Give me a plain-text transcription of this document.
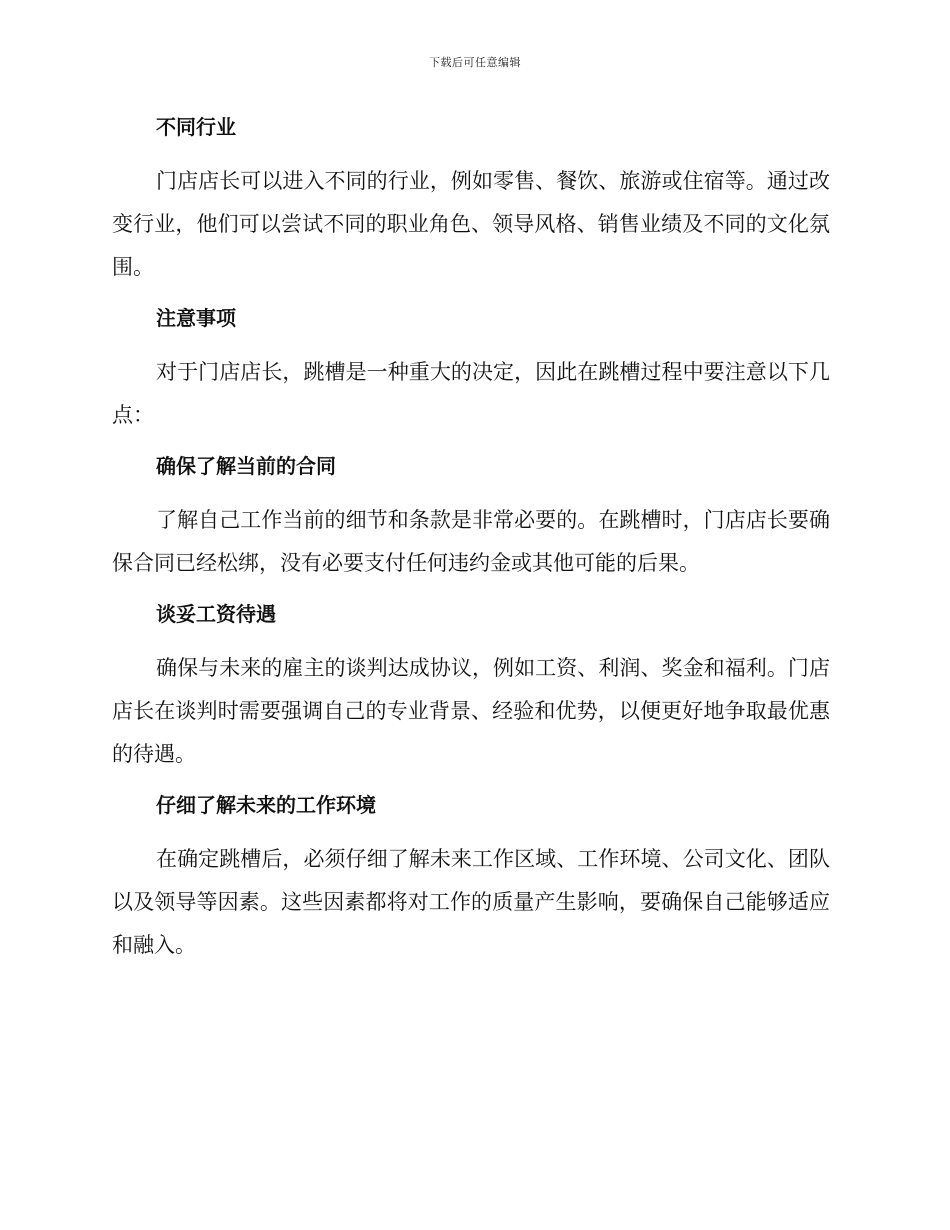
下载后可任意编辑
不同行业

门店店长可以进入不同的行业，例如零售、餐饮、旅游或住宿等。通过改变行业，他们可以尝试不同的职业角色、领导风格、销售业绩及不同的文化氛围。

注意事项

对于门店店长，跳槽是一种重大的决定，因此在跳槽过程中要注意以下几点：

确保了解当前的合同

了解自己工作当前的细节和条款是非常必要的。在跳槽时，门店店长要确保合同已经松绑，没有必要支付任何违约金或其他可能的后果。

谈妥工资待遇

确保与未来的雇主的谈判达成协议，例如工资、利润、奖金和福利。门店店长在谈判时需要强调自己的专业背景、经验和优势，以便更好地争取最优惠的待遇。

仔细了解未来的工作环境

在确定跳槽后，必须仔细了解未来工作区域、工作环境、公司文化、团队以及领导等因素。这些因素都将对工作的质量产生影响，要确保自己能够适应和融入。
